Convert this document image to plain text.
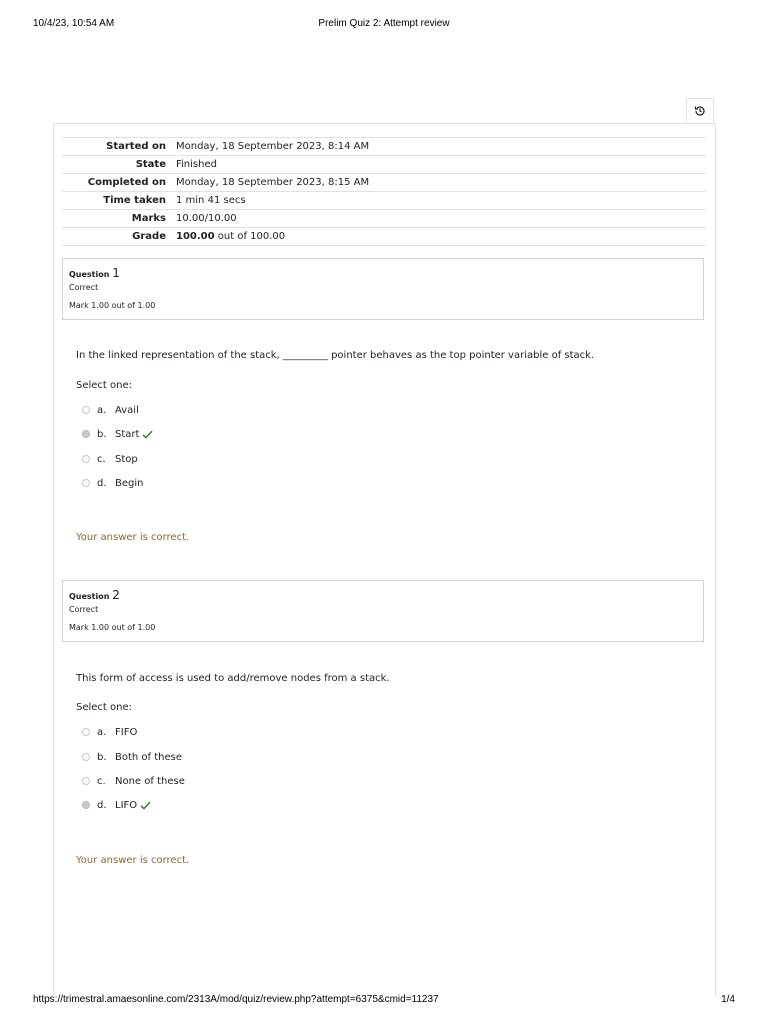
10/4/23, 10:54 AM	Prelim Quiz 2: Attempt review
Started on	Monday, 18 September 2023, 8:14 AM
State	Finished
Completed on	Monday, 18 September 2023, 8:15 AM
Time taken	1 min 41 secs
Marks	10.00/10.00
Grade	100.00 out of 100.00
Question 1
Correct
Mark 1.00 out of 1.00
In the linked representation of the stack, _________ pointer behaves as the top pointer variable of stack.
Select one:
a. Avail
b. Start
c. Stop
d. Begin
Your answer is correct.
Question 2
Correct
Mark 1.00 out of 1.00
This form of access is used to add/remove nodes from a stack.
Select one:
a. FIFO
b. Both of these
c. None of these
d. LIFO
Your answer is correct.
https://trimestral.amaesonline.com/2313A/mod/quiz/review.php?attempt=6375&cmid=11237	1/4
